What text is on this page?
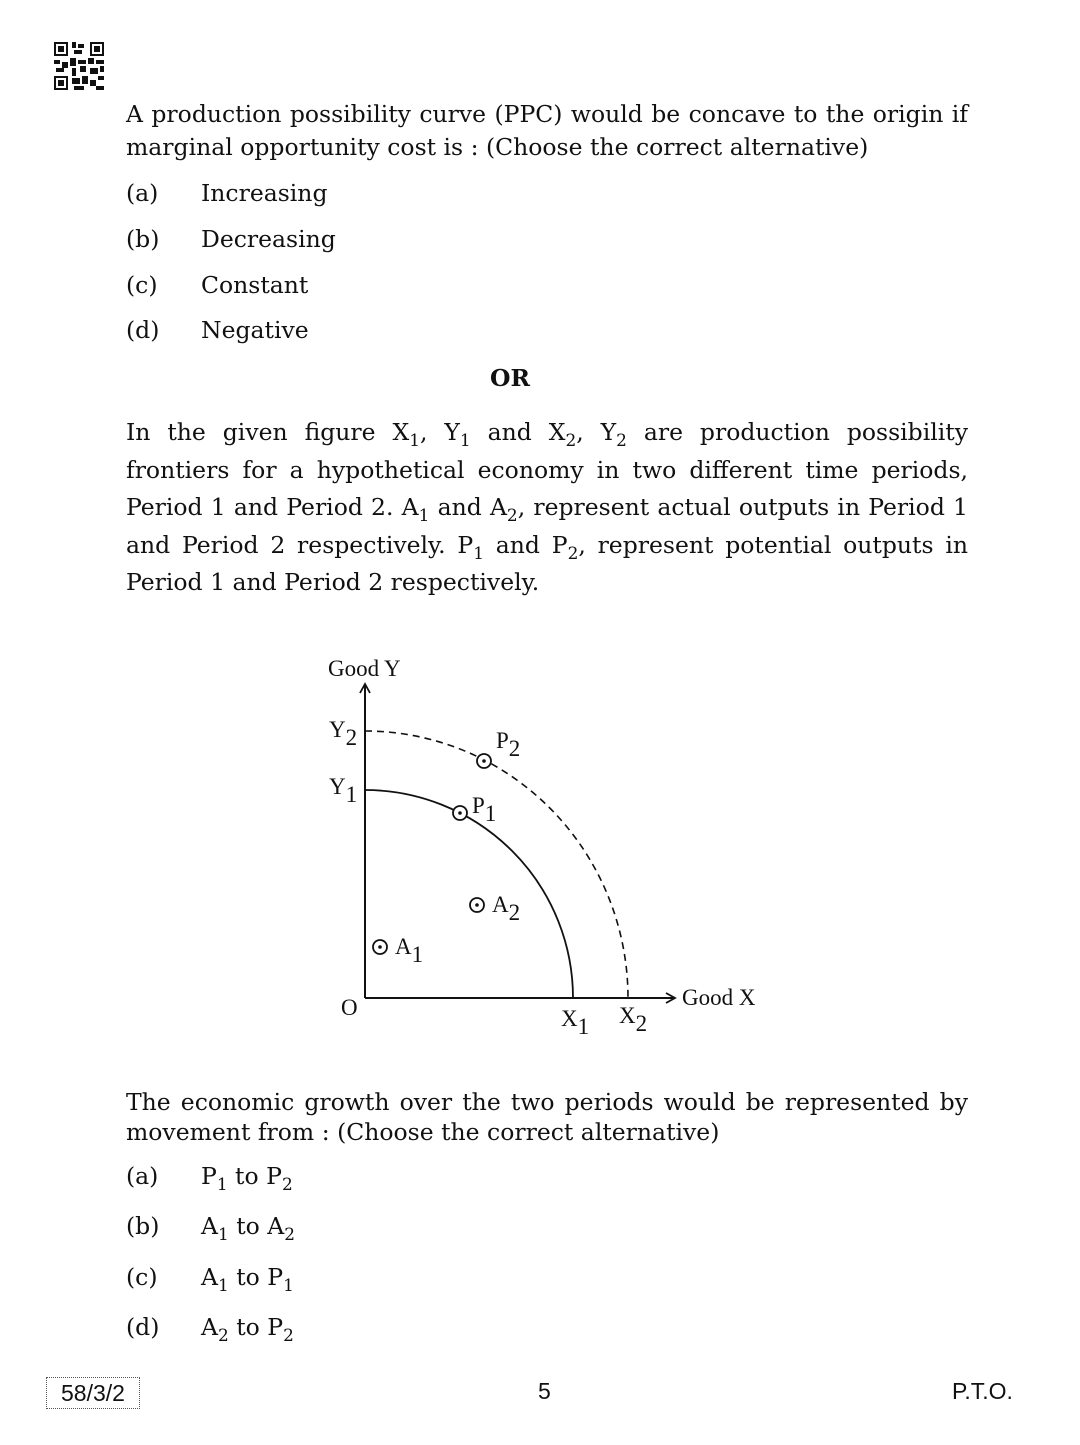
A production possibility curve (PPC) would be concave to the origin if marginal opportunity cost is : (Choose the correct alternative)
(a) Increasing
(b) Decreasing
(c) Constant
(d) Negative
OR
In the given figure $X_1$, $Y_1$ and $X_2$, $Y_2$ are production possibility frontiers for a hypothetical economy in two different time periods, Period 1 and Period 2. $A_1$ and $A_2$, represent actual outputs in Period 1 and Period 2 respectively. $P_1$ and $P_2$, represent potential outputs in Period 1 and Period 2 respectively.
Good Y
Good X
O
Y2
Y1
X1 X2
P2
P1
A2
A1
The economic growth over the two periods would be represented by movement from : (Choose the correct alternative)
(a) $P_1$ to $P_2$
(b) $A_1$ to $A_2$
(c) $A_1$ to $P_1$
(d) $A_2$ to $P_2$
58/3/2	5	P.T.O.
